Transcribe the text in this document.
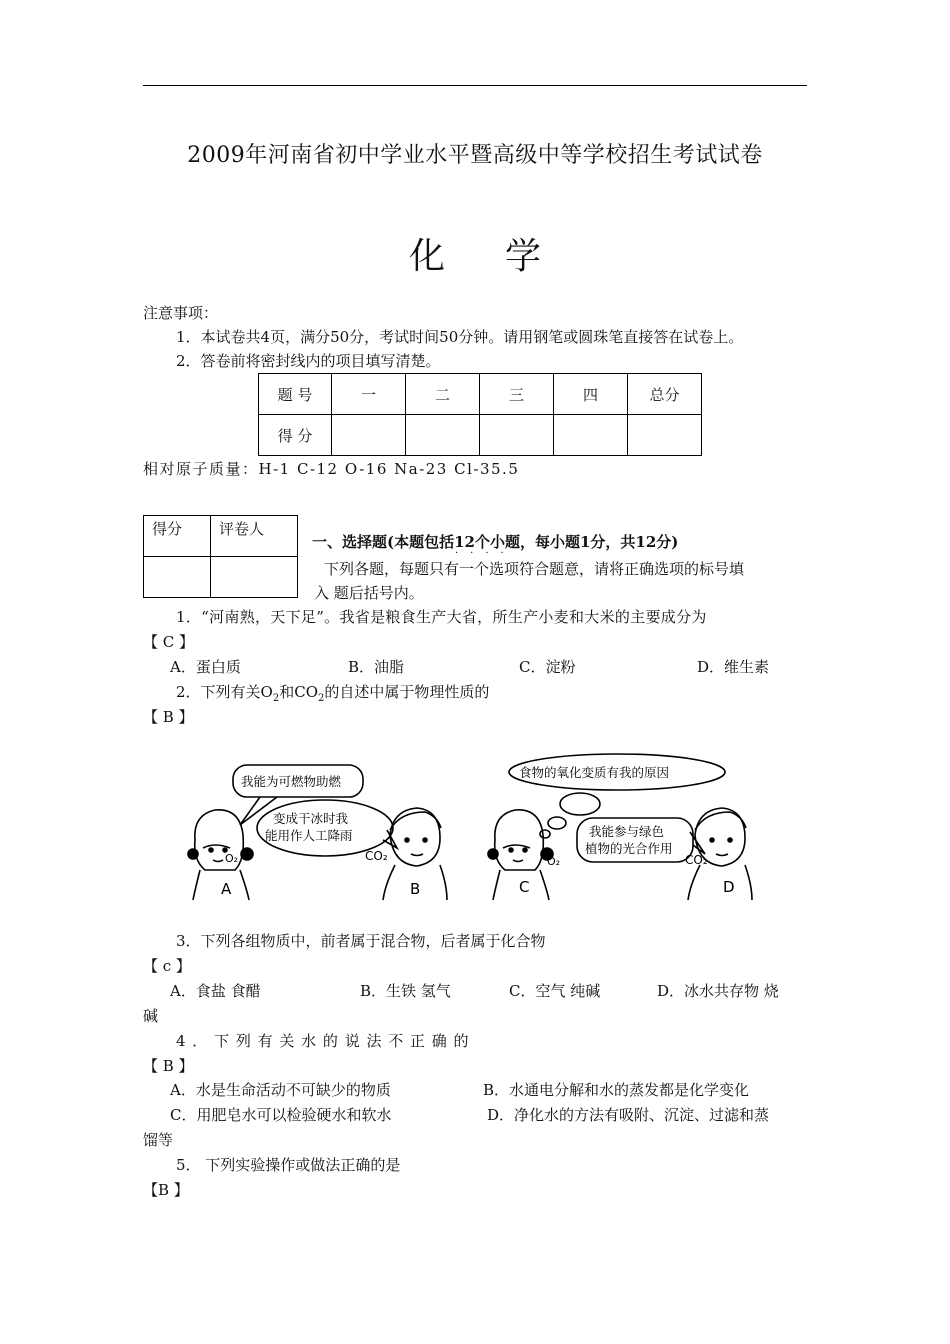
2009年河南省初中学业水平暨高级中等学校招生考试试卷
化学
注意事项：
1．本试卷共4页，满分50分，考试时间50分钟。请用钢笔或圆珠笔直接答在试卷上。
2．答卷前将密封线内的项目填写清楚。
题 号	一	二	三	四	总分
得 分					
相对原子质量：H-1 C-12 O-16 Na-23 Cl-35.5
得分	评卷人

一、选择题(本题包括12个小题，每小题1分，共12分)
····
下列各题，每题只有一个选项符合题意，请将正确选项的标号填
入 题后括号内。
1．“河南熟，天下足”。我省是粮食生产大省，所生产小麦和大米的主要成分为
【 C 】
A．蛋白质	B．油脂	C．淀粉	D．维生素
2．下列有关$O_2$和$CO_2$的自述中属于物理性质的
【 B 】
我能为可燃物助燃
变成干冰时我
能用作人工降雨
食物的氧化变质有我的原因
我能参与绿色
植物的光合作用
O₂	CO₂	O₂	CO₂
A	B	C	D
3．下列各组物质中，前者属于混合物，后者属于化合物
【 c 】
A．食盐 食醋	B．生铁 氢气	C．空气 纯碱	D．冰水共存物 烧
碱
4 ． 下 列 有 关 水 的 说 法 不 正 确 的
【 B 】
A．水是生命活动不可缺少的物质	B．水通电分解和水的蒸发都是化学变化
C．用肥皂水可以检验硬水和软水	D．净化水的方法有吸附、沉淀、过滤和蒸
馏等
5． 下列实验操作或做法正确的是
【B 】
